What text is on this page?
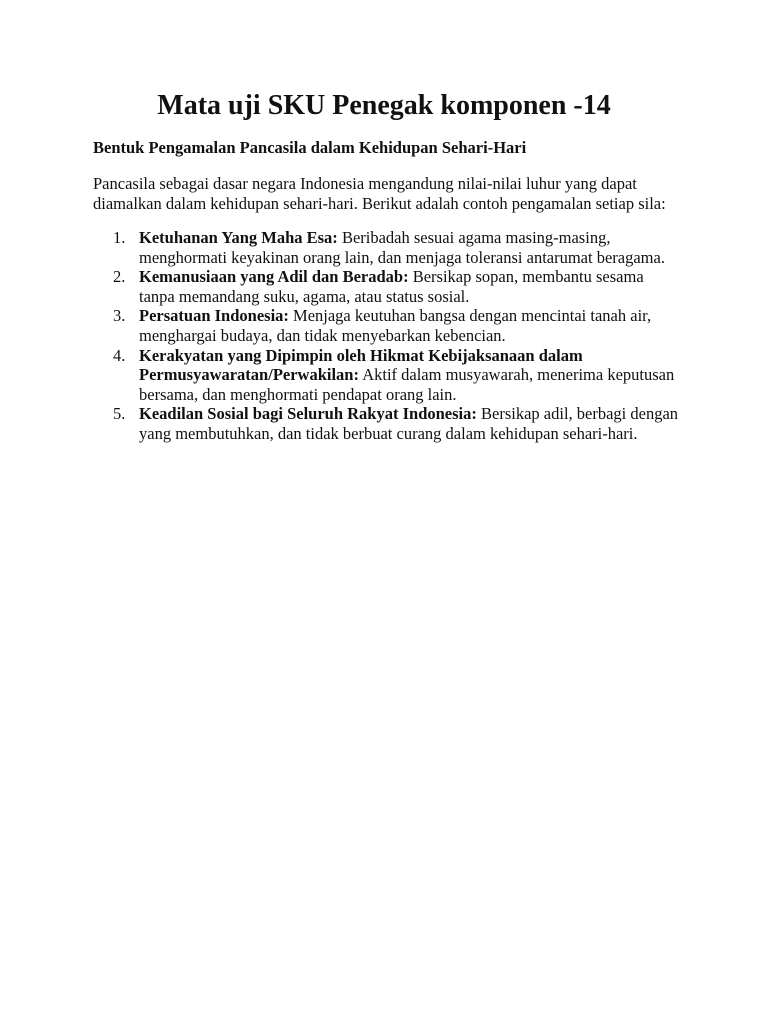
Mata uji SKU Penegak komponen -14

Bentuk Pengamalan Pancasila dalam Kehidupan Sehari-Hari

Pancasila sebagai dasar negara Indonesia mengandung nilai-nilai luhur yang dapat diamalkan dalam kehidupan sehari-hari. Berikut adalah contoh pengamalan setiap sila:

1. Ketuhanan Yang Maha Esa: Beribadah sesuai agama masing-masing, menghormati keyakinan orang lain, dan menjaga toleransi antarumat beragama.
2. Kemanusiaan yang Adil dan Beradab: Bersikap sopan, membantu sesama tanpa memandang suku, agama, atau status sosial.
3. Persatuan Indonesia: Menjaga keutuhan bangsa dengan mencintai tanah air, menghargai budaya, dan tidak menyebarkan kebencian.
4. Kerakyatan yang Dipimpin oleh Hikmat Kebijaksanaan dalam Permusyawaratan/Perwakilan: Aktif dalam musyawarah, menerima keputusan bersama, dan menghormati pendapat orang lain.
5. Keadilan Sosial bagi Seluruh Rakyat Indonesia: Bersikap adil, berbagi dengan yang membutuhkan, dan tidak berbuat curang dalam kehidupan sehari-hari.
